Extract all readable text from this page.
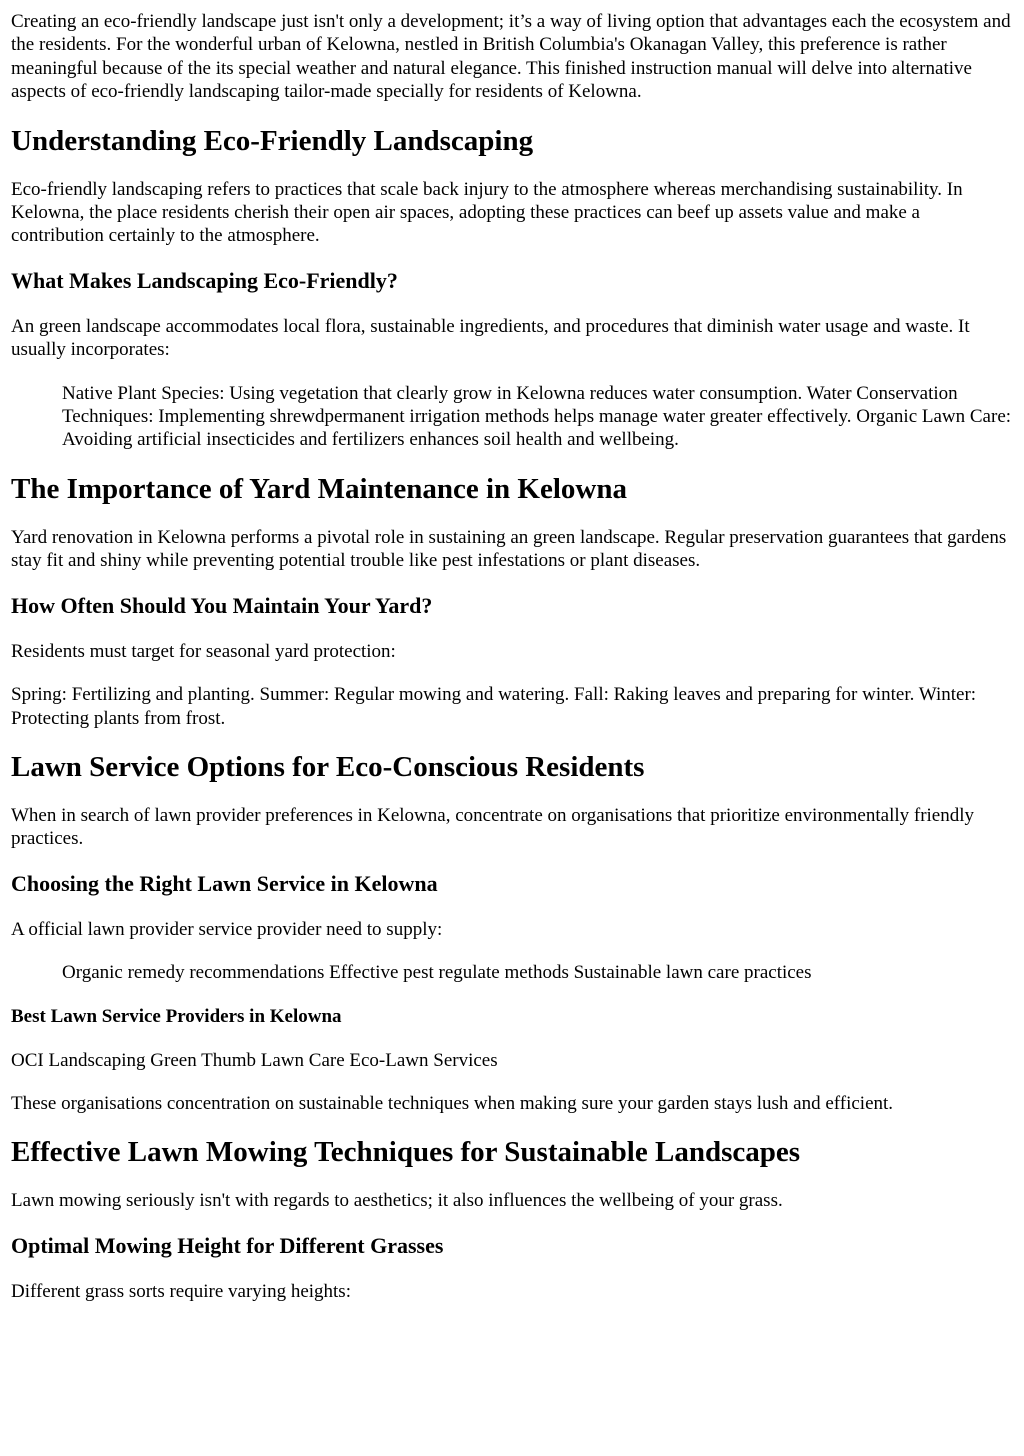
Creating an eco-friendly landscape just isn't only a development; it’s a way of living option that advantages each the ecosystem and the residents. For the wonderful urban of Kelowna, nestled in British Columbia's Okanagan Valley, this preference is rather meaningful because of the its special weather and natural elegance. This finished instruction manual will delve into alternative aspects of eco-friendly landscaping tailor-made specially for residents of Kelowna.

Understanding Eco-Friendly Landscaping

Eco-friendly landscaping refers to practices that scale back injury to the atmosphere whereas merchandising sustainability. In Kelowna, the place residents cherish their open air spaces, adopting these practices can beef up assets value and make a contribution certainly to the atmosphere.

What Makes Landscaping Eco-Friendly?

An green landscape accommodates local flora, sustainable ingredients, and procedures that diminish water usage and waste. It usually incorporates:

Native Plant Species: Using vegetation that clearly grow in Kelowna reduces water consumption. Water Conservation Techniques: Implementing shrewdpermanent irrigation methods helps manage water greater effectively. Organic Lawn Care: Avoiding artificial insecticides and fertilizers enhances soil health and wellbeing.
The Importance of Yard Maintenance in Kelowna

Yard renovation in Kelowna performs a pivotal role in sustaining an green landscape. Regular preservation guarantees that gardens stay fit and shiny while preventing potential trouble like pest infestations or plant diseases.

How Often Should You Maintain Your Yard?

Residents must target for seasonal yard protection:

Spring: Fertilizing and planting. Summer: Regular mowing and watering. Fall: Raking leaves and preparing for winter. Winter: Protecting plants from frost.

Lawn Service Options for Eco-Conscious Residents

When in search of lawn provider preferences in Kelowna, concentrate on organisations that prioritize environmentally friendly practices.

Choosing the Right Lawn Service in Kelowna

A official lawn provider service provider need to supply:

Organic remedy recommendations Effective pest regulate methods Sustainable lawn care practices
Best Lawn Service Providers in Kelowna

OCI Landscaping Green Thumb Lawn Care Eco-Lawn Services

These organisations concentration on sustainable techniques when making sure your garden stays lush and efficient.

Effective Lawn Mowing Techniques for Sustainable Landscapes

Lawn mowing seriously isn't with regards to aesthetics; it also influences the wellbeing of your grass.

Optimal Mowing Height for Different Grasses

Different grass sorts require varying heights:
